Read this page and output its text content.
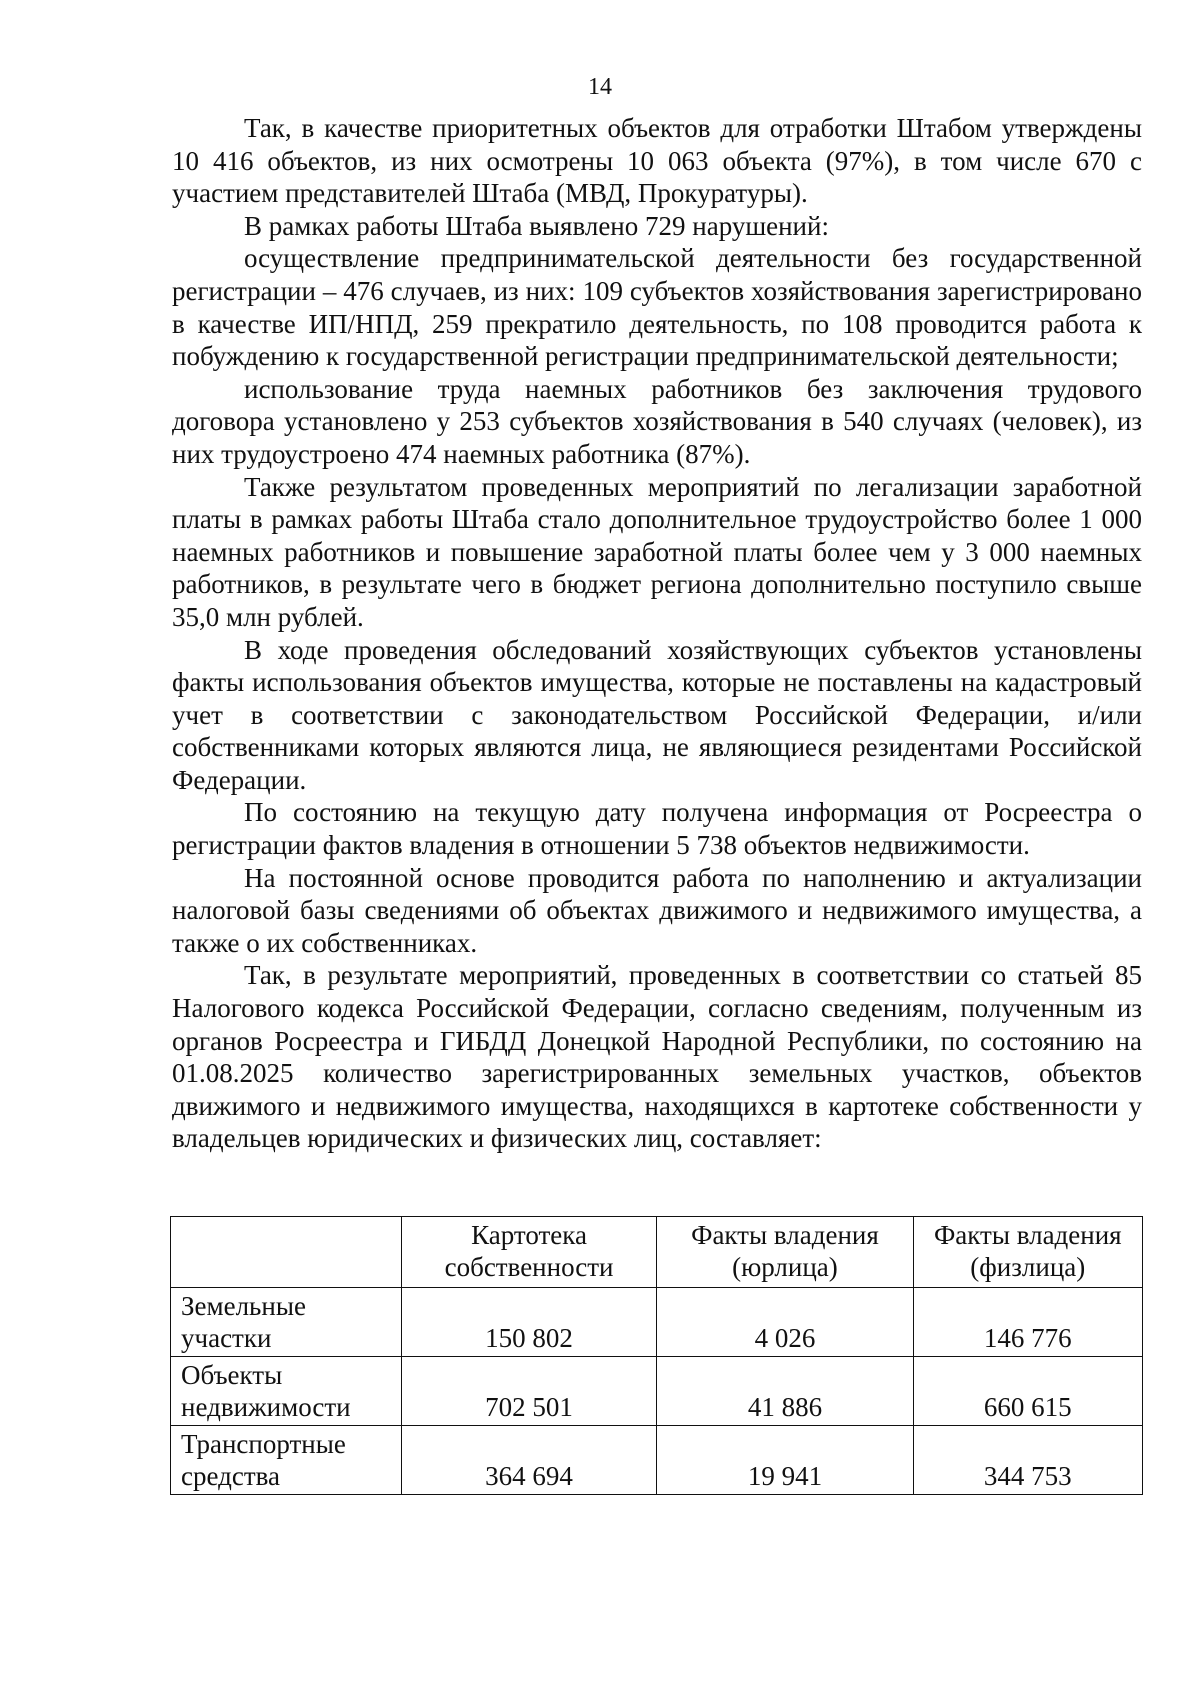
14

Так, в качестве приоритетных объектов для отработки Штабом утверждены 10 416 объектов, из них осмотрены 10 063 объекта (97%), в том числе 670 с участием представителей Штаба (МВД, Прокуратуры).

В рамках работы Штаба выявлено 729 нарушений:

осуществление предпринимательской деятельности без государственной регистрации – 476 случаев, из них: 109 субъектов хозяйствования зарегистрировано в качестве ИП/НПД, 259 прекратило деятельность, по 108 проводится работа к побуждению к государственной регистрации предпринимательской деятельности;

использование труда наемных работников без заключения трудового договора установлено у 253 субъектов хозяйствования в 540 случаях (человек), из них трудоустроено 474 наемных работника (87%).

Также результатом проведенных мероприятий по легализации заработной платы в рамках работы Штаба стало дополнительное трудоустройство более 1 000 наемных работников и повышение заработной платы более чем у 3 000 наемных работников, в результате чего в бюджет региона дополнительно поступило свыше 35,0 млн рублей.

В ходе проведения обследований хозяйствующих субъектов установлены факты использования объектов имущества, которые не поставлены на кадастровый учет в соответствии с законодательством Российской Федерации, и/или собственниками которых являются лица, не являющиеся резидентами Российской Федерации.

По состоянию на текущую дату получена информация от Росреестра о регистрации фактов владения в отношении 5 738 объектов недвижимости.

На постоянной основе проводится работа по наполнению и актуализации налоговой базы сведениями об объектах движимого и недвижимого имущества, а также о их собственниках.

Так, в результате мероприятий, проведенных в соответствии со статьей 85 Налогового кодекса Российской Федерации, согласно сведениям, полученным из органов Росреестра и ГИБДД Донецкой Народной Республики, по состоянию на 01.08.2025 количество зарегистрированных земельных участков, объектов движимого и недвижимого имущества, находящихся в картотеке собственности у владельцев юридических и физических лиц, составляет:

	Картотека собственности	Факты владения (юрлица)	Факты владения (физлица)
Земельные участки	150 802	4 026	146 776
Объекты недвижимости	702 501	41 886	660 615
Транспортные средства	364 694	19 941	344 753
